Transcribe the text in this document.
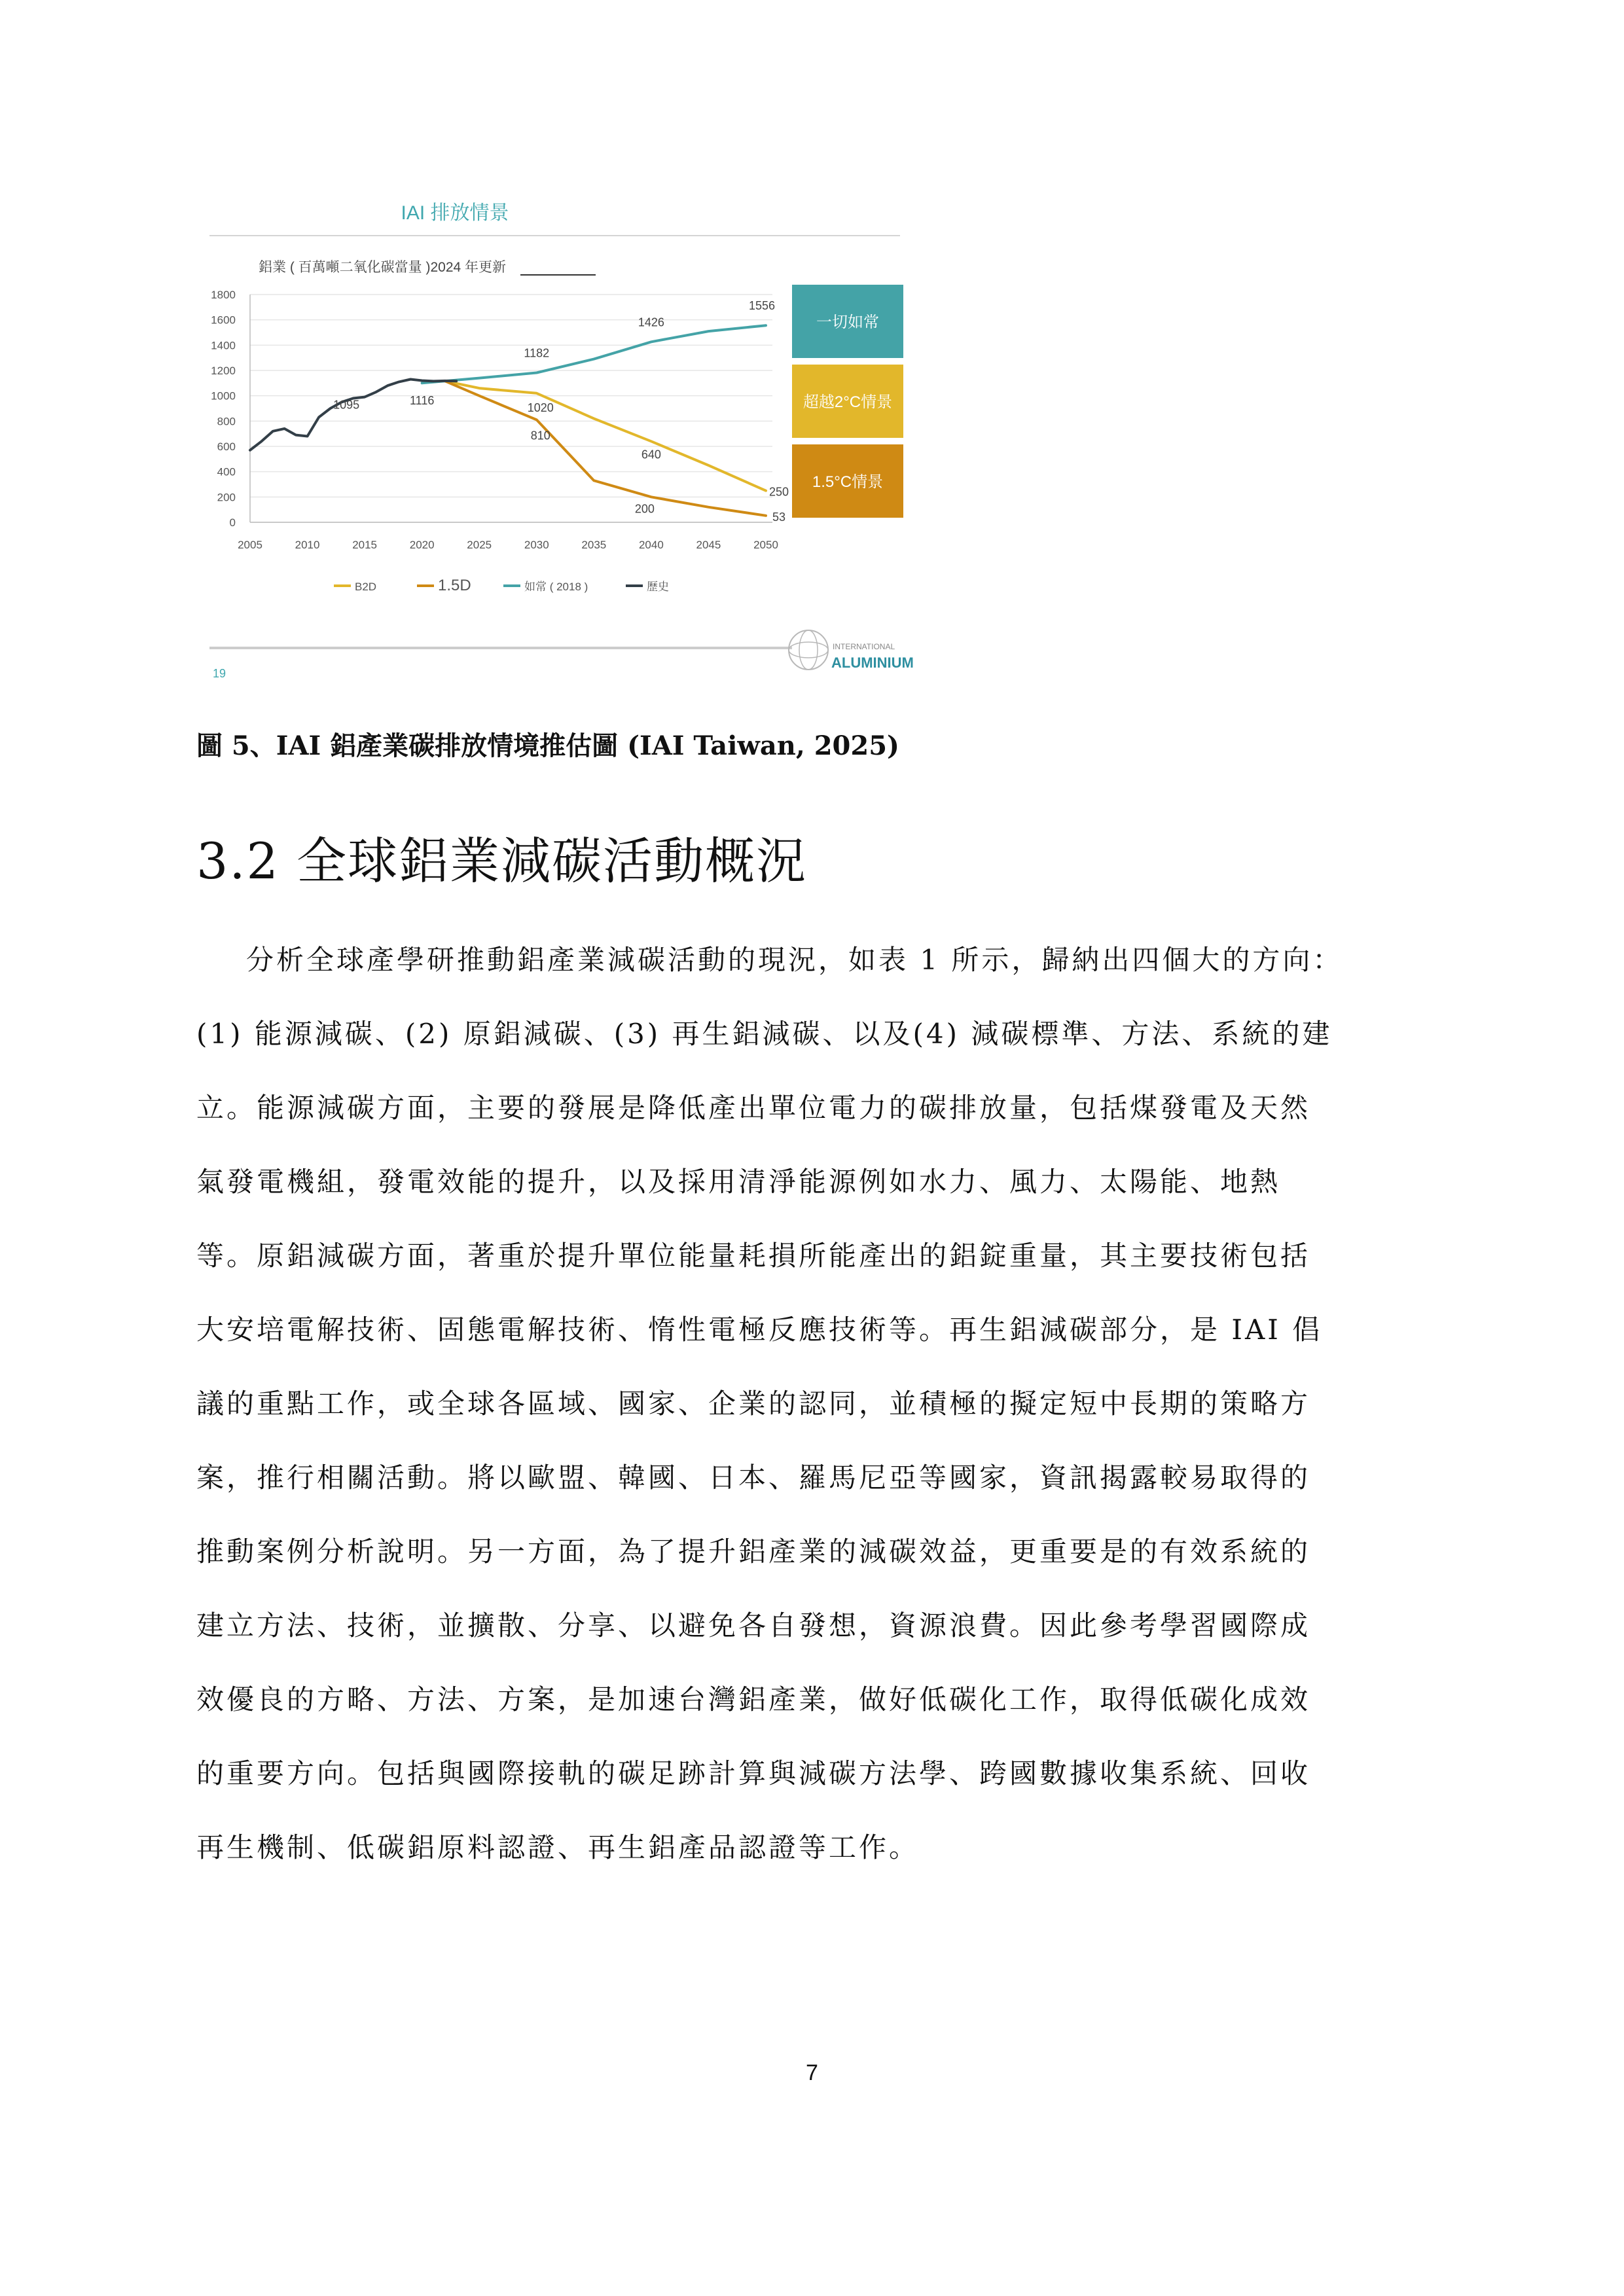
IAI 排放情景
鋁業 ( 百萬噸二氧化碳當量 )2024 年更新
0
200
400
600
800
1000
1200
1400
1600
1800
2005	2010	2015	2020	2025	2030	2035	2040	2045	2050
1095	1116
1182
1426
1556
1020
810
640
200
250
53
B2D	1.5D	如常 ( 2018 )	歷史
一切如常
超越2°C情景
1.5°C情景
19
INTERNATIONAL
ALUMINIUM
圖 5、IAI 鋁產業碳排放情境推估圖 (IAI Taiwan, 2025)
3.2 全球鋁業減碳活動概況
分析全球產學研推動鋁產業減碳活動的現況，如表 1 所示，歸納出四個大的方向：
(1) 能源減碳、(2) 原鋁減碳、(3) 再生鋁減碳、以及(4) 減碳標準、方法、系統的建
立。能源減碳方面，主要的發展是降低產出單位電力的碳排放量，包括煤發電及天然
氣發電機組，發電效能的提升，以及採用清淨能源例如水力、風力、太陽能、地熱
等。原鋁減碳方面，著重於提升單位能量耗損所能產出的鋁錠重量，其主要技術包括
大安培電解技術、固態電解技術、惰性電極反應技術等。再生鋁減碳部分，是 IAI 倡
議的重點工作，或全球各區域、國家、企業的認同，並積極的擬定短中長期的策略方
案，推行相關活動。將以歐盟、韓國、日本、羅馬尼亞等國家，資訊揭露較易取得的
推動案例分析說明。另一方面，為了提升鋁產業的減碳效益，更重要是的有效系統的
建立方法、技術，並擴散、分享、以避免各自發想，資源浪費。因此參考學習國際成
效優良的方略、方法、方案，是加速台灣鋁產業，做好低碳化工作，取得低碳化成效
的重要方向。包括與國際接軌的碳足跡計算與減碳方法學、跨國數據收集系統、回收
再生機制、低碳鋁原料認證、再生鋁產品認證等工作。
7
